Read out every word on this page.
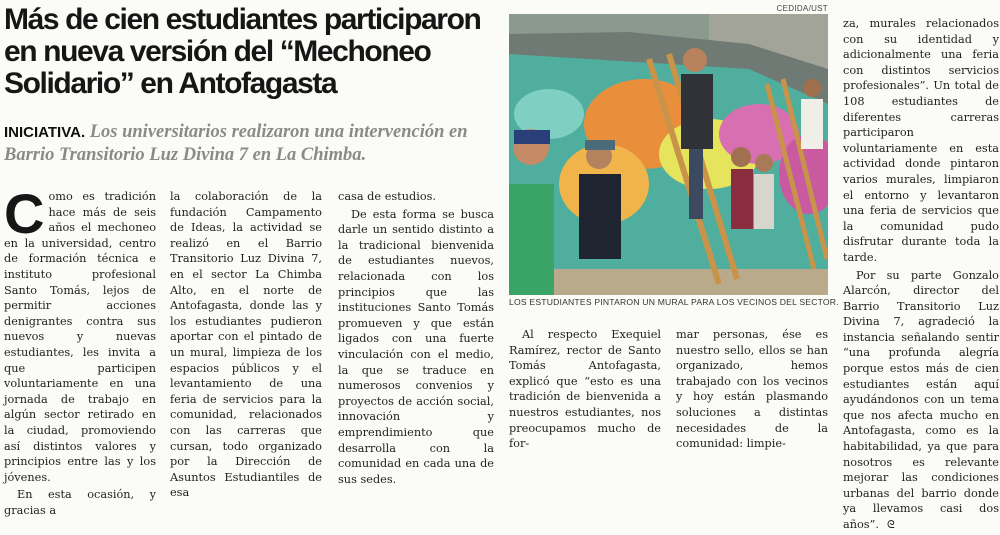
Más de cien estudiantes participaron en nueva versión del “Mechoneo Solidario” en Antofagasta

INICIATIVA. Los universitarios realizaron una intervención en Barrio Transitorio Luz Divina 7 en La Chimba.

CEDIDA/UST
LOS ESTUDIANTES PINTARON UN MURAL PARA LOS VECINOS DEL SECTOR.

Como es tradición hace más de seis años el mechoneo en la universidad, centro de formación técnica e instituto profesional Santo Tomás, lejos de permitir acciones denigrantes contra sus nuevos y nuevas estudiantes, les invita a que participen voluntariamente en una jornada de trabajo en algún sector retirado en la ciudad, promoviendo así distintos valores y principios entre las y los jóvenes.

En esta ocasión, y gracias a

la colaboración de la fundación Campamento de Ideas, la actividad se realizó en el Barrio Transitorio Luz Divina 7, en el sector La Chimba Alto, en el norte de Antofagasta, donde las y los estudiantes pudieron aportar con el pintado de un mural, limpieza de los espacios públicos y el levantamiento de una feria de servicios para la comunidad, relacionados con las carreras que cursan, todo organizado por la Dirección de Asuntos Estudiantiles de esa

casa de estudios.

De esta forma se busca darle un sentido distinto a la tradicional bienvenida de estudiantes nuevos, relacionada con los principios que las instituciones Santo Tomás promueven y que están ligados con una fuerte vinculación con el medio, la que se traduce en numerosos convenios y proyectos de acción social, innovación y emprendimiento que desarrolla con la comunidad en cada una de sus sedes.

Al respecto Exequiel Ramírez, rector de Santo Tomás Antofagasta, explicó que “esto es una tradición de bienvenida a nuestros estudiantes, nos preocupamos mucho de for-

mar personas, ése es nuestro sello, ellos se han organizado, hemos trabajado con los vecinos y hoy están plasmando soluciones a distintas necesidades de la comunidad: limpie-

za, murales relacionados con su identidad y adicionalmente una feria con distintos servicios profesionales”. Un total de 108 estudiantes de diferentes carreras participaron voluntariamente en esta actividad donde pintaron varios murales, limpiaron el entorno y levantaron una feria de servicios que la comunidad pudo disfrutar durante toda la tarde.

Por su parte Gonzalo Alarcón, director del Barrio Transitorio Luz Divina 7, agradeció la instancia señalando sentir “una profunda alegría porque estos más de cien estudiantes están aquí ayudándonos con un tema que nos afecta mucho en Antofagasta, como es la habitabilidad, ya que para nosotros es relevante mejorar las condiciones urbanas del barrio donde ya llevamos casi dos años”. ᘓ
